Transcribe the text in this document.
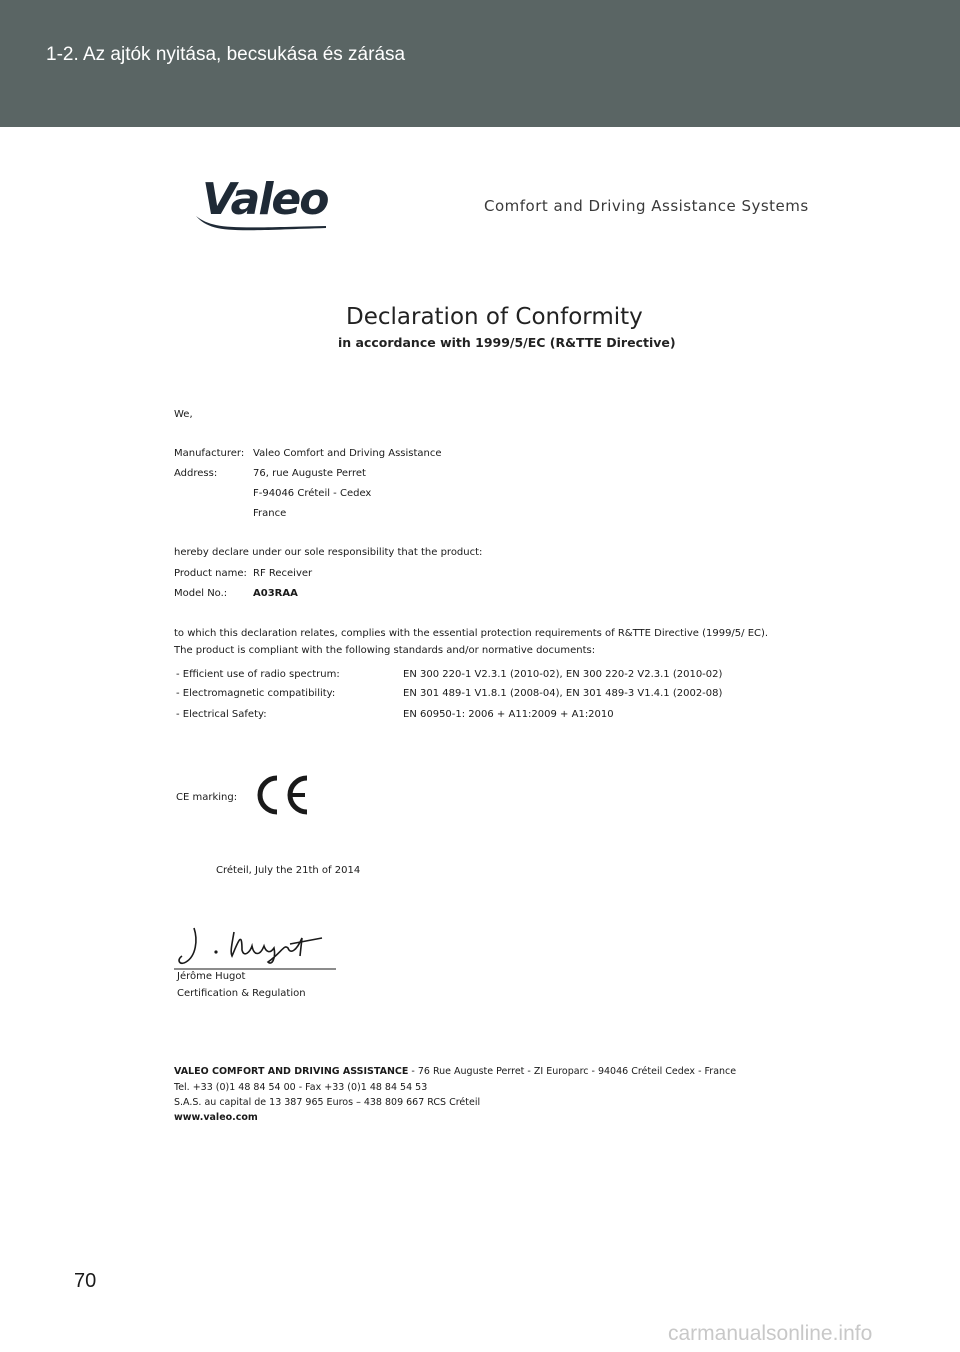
1-2. Az ajtók nyitása, becsukása és zárása
Valeo	Comfort and Driving Assistance Systems
Declaration of Conformity
in accordance with 1999/5/EC (R&TTE Directive)
We,
Manufacturer: Valeo Comfort and Driving Assistance
Address:	76, rue Auguste Perret
F-94046 Créteil - Cedex
France
hereby declare under our sole responsibility that the product:
Product name: RF Receiver
Model No.:	A03RAA
to which this declaration relates, complies with the essential protection requirements of R&TTE Directive (1999/5/ EC).
The product is compliant with the following standards and/or normative documents:
- Efficient use of radio spectrum:	EN 300 220-1 V2.3.1 (2010-02), EN 300 220-2 V2.3.1 (2010-02)
- Electromagnetic compatibility:	EN 301 489-1 V1.8.1 (2008-04), EN 301 489-3 V1.4.1 (2002-08)
- Electrical Safety:	EN 60950-1: 2006 + A11:2009 + A1:2010
CE marking:
Créteil, July the 21th of 2014
Jérôme Hugot
Certification & Regulation
VALEO COMFORT AND DRIVING ASSISTANCE - 76 Rue Auguste Perret - ZI Europarc - 94046 Créteil Cedex - France
Tel. +33 (0)1 48 84 54 00 - Fax +33 (0)1 48 84 54 53
S.A.S. au capital de 13 387 965 Euros – 438 809 667 RCS Créteil
www.valeo.com
70
carmanualsonline.info
